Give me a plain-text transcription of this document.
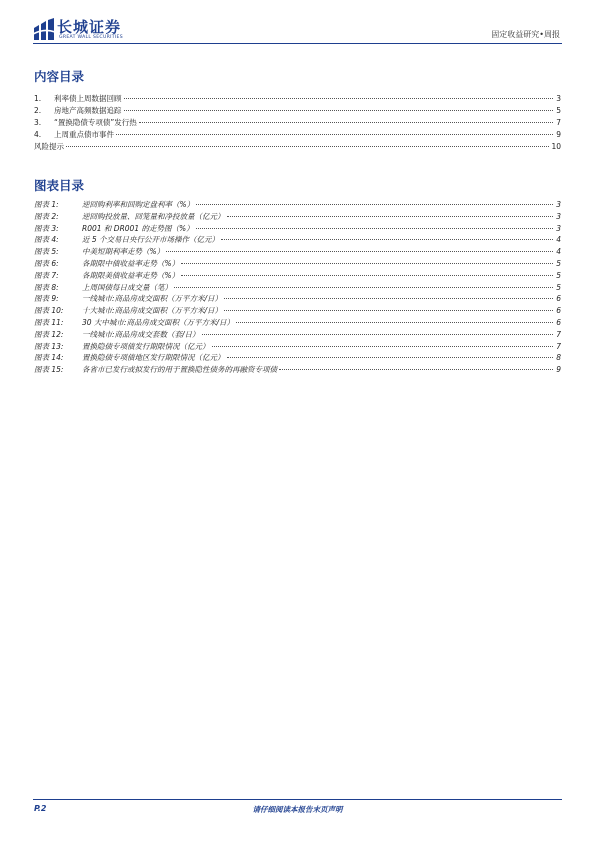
长城证券
GREAT WALL SECURITIES	固定收益研究•周报
内容目录
1.	利率债上周数据回顾	3
2.	房地产高频数据追踪	5
3.	“置换隐债专项债”发行热	7
4.	上周重点债市事件	9
风险提示	10
图表目录
图表 1:	逆回购利率和回购定盘利率（%）	3
图表 2:	逆回购投放量、回笼量和净投放量（亿元）	3
图表 3:	R001 和 DR001 的走势图（%）	3
图表 4:	近 5 个交易日央行公开市场操作（亿元）	4
图表 5:	中美短期利率走势（%）	4
图表 6:	各期限中债收益率走势（%）	5
图表 7:	各期限美债收益率走势（%）	5
图表 8:	上周国债每日成交量（笔）	5
图表 9:	一线城市:商品房成交面积（万平方米/日）	6
图表 10:	十大城市:商品房成交面积（万平方米/日）	6
图表 11:	30 大中城市:商品房成交面积（万平方米/日）	6
图表 12:	一线城市:商品房成交套数（套/日）	7
图表 13:	置换隐债专项债发行期限情况（亿元）	7
图表 14:	置换隐债专项债地区发行期限情况（亿元）	8
图表 15:	各省市已发行或拟发行的用于置换隐性债务的再融资专项债	9
P.2	请仔细阅读本报告末页声明
